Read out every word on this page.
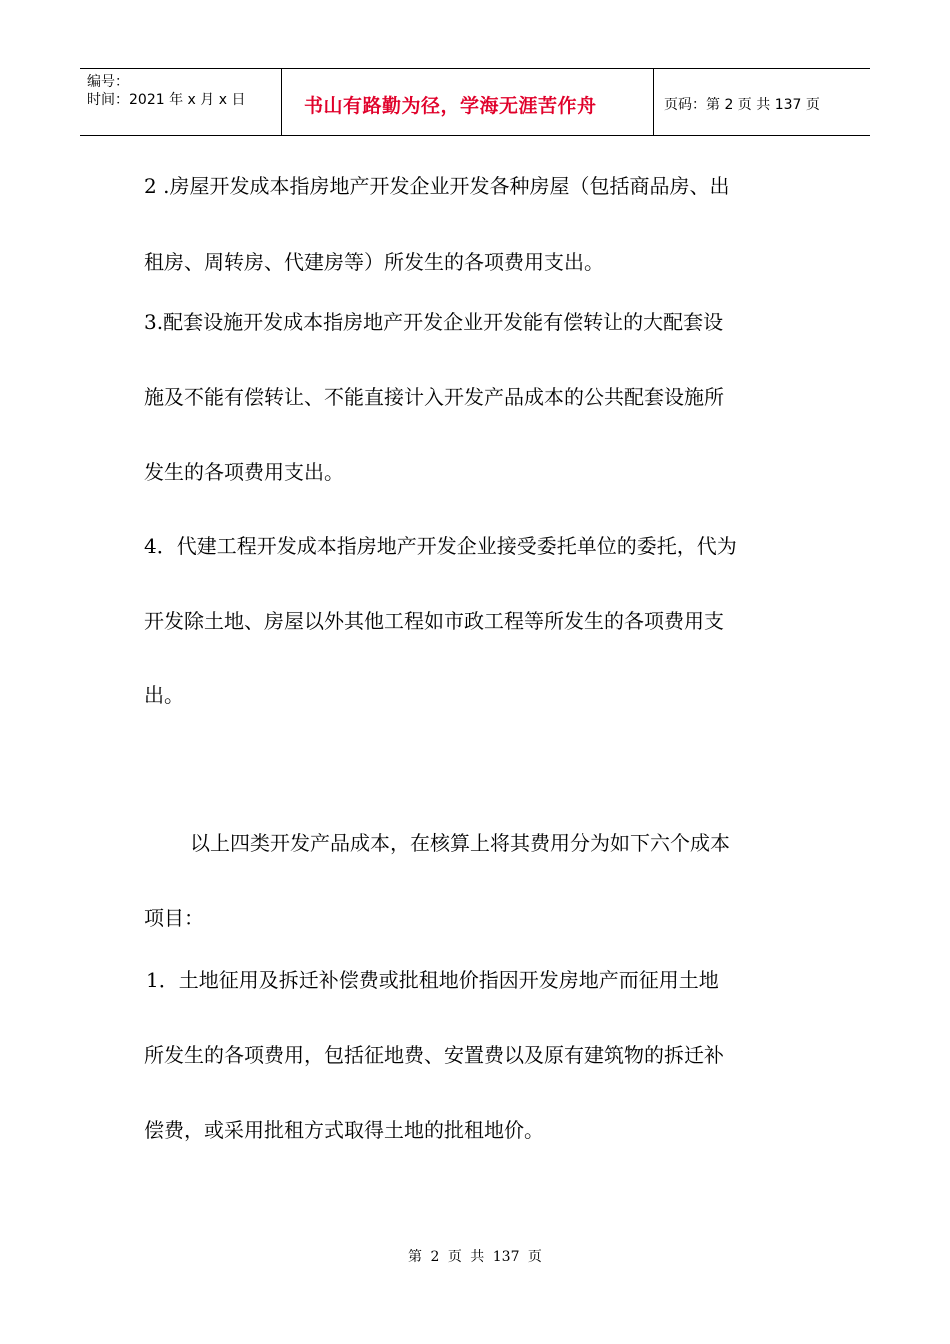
编号：
时间：2021 年 x 月 x 日	书山有路勤为径，学海无涯苦作舟	页码：第 2 页 共 137 页

2 .房屋开发成本指房地产开发企业开发各种房屋（包括商品房、出

租房、周转房、代建房等）所发生的各项费用支出。

3.配套设施开发成本指房地产开发企业开发能有偿转让的大配套设

施及不能有偿转让、不能直接计入开发产品成本的公共配套设施所

发生的各项费用支出。

4．代建工程开发成本指房地产开发企业接受委托单位的委托，代为

开发除土地、房屋以外其他工程如市政工程等所发生的各项费用支

出。

以上四类开发产品成本，在核算上将其费用分为如下六个成本

项目：

1．土地征用及拆迁补偿费或批租地价指因开发房地产而征用土地

所发生的各项费用，包括征地费、安置费以及原有建筑物的拆迁补

偿费，或采用批租方式取得土地的批租地价。

第 2 页 共 137 页
